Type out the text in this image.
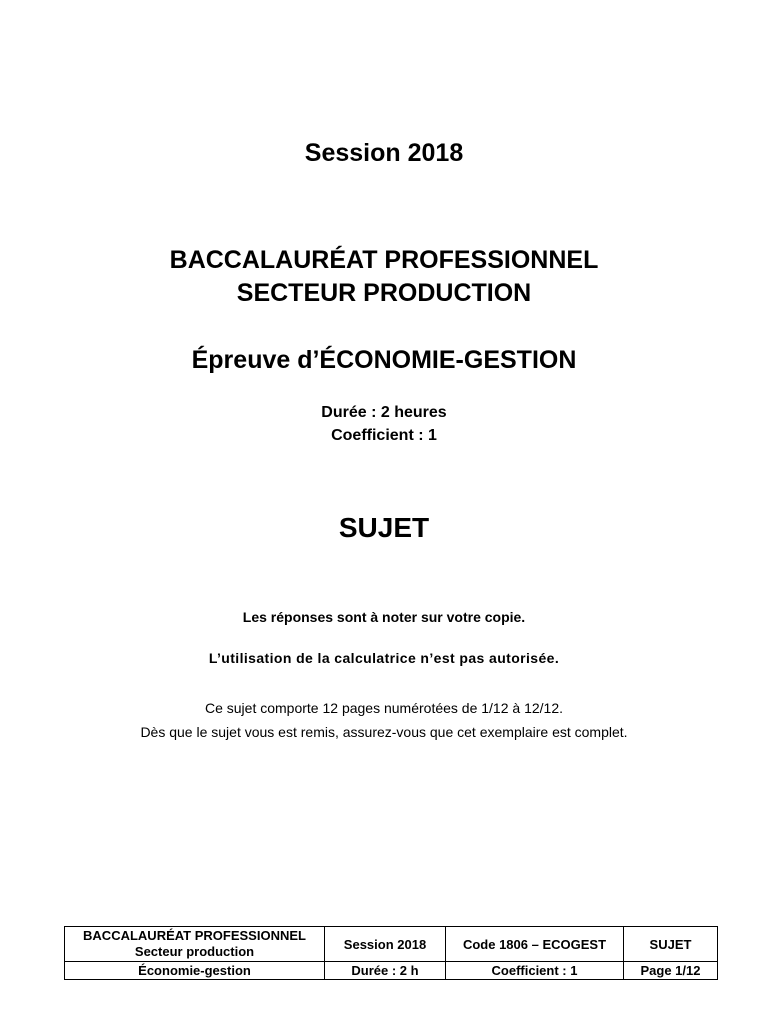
Session 2018
BACCALAURÉAT PROFESSIONNEL
SECTEUR PRODUCTION
Épreuve d’ÉCONOMIE-GESTION
Durée : 2 heures
Coefficient : 1
SUJET
Les réponses sont à noter sur votre copie.
L’utilisation de la calculatrice n’est pas autorisée.
Ce sujet comporte 12 pages numérotées de 1/12 à 12/12.
Dès que le sujet vous est remis, assurez-vous que cet exemplaire est complet.
BACCALAURÉAT PROFESSIONNEL
Secteur production	Session 2018	Code 1806 – ECOGEST	SUJET
Économie-gestion	Durée : 2 h	Coefficient : 1	Page 1/12
